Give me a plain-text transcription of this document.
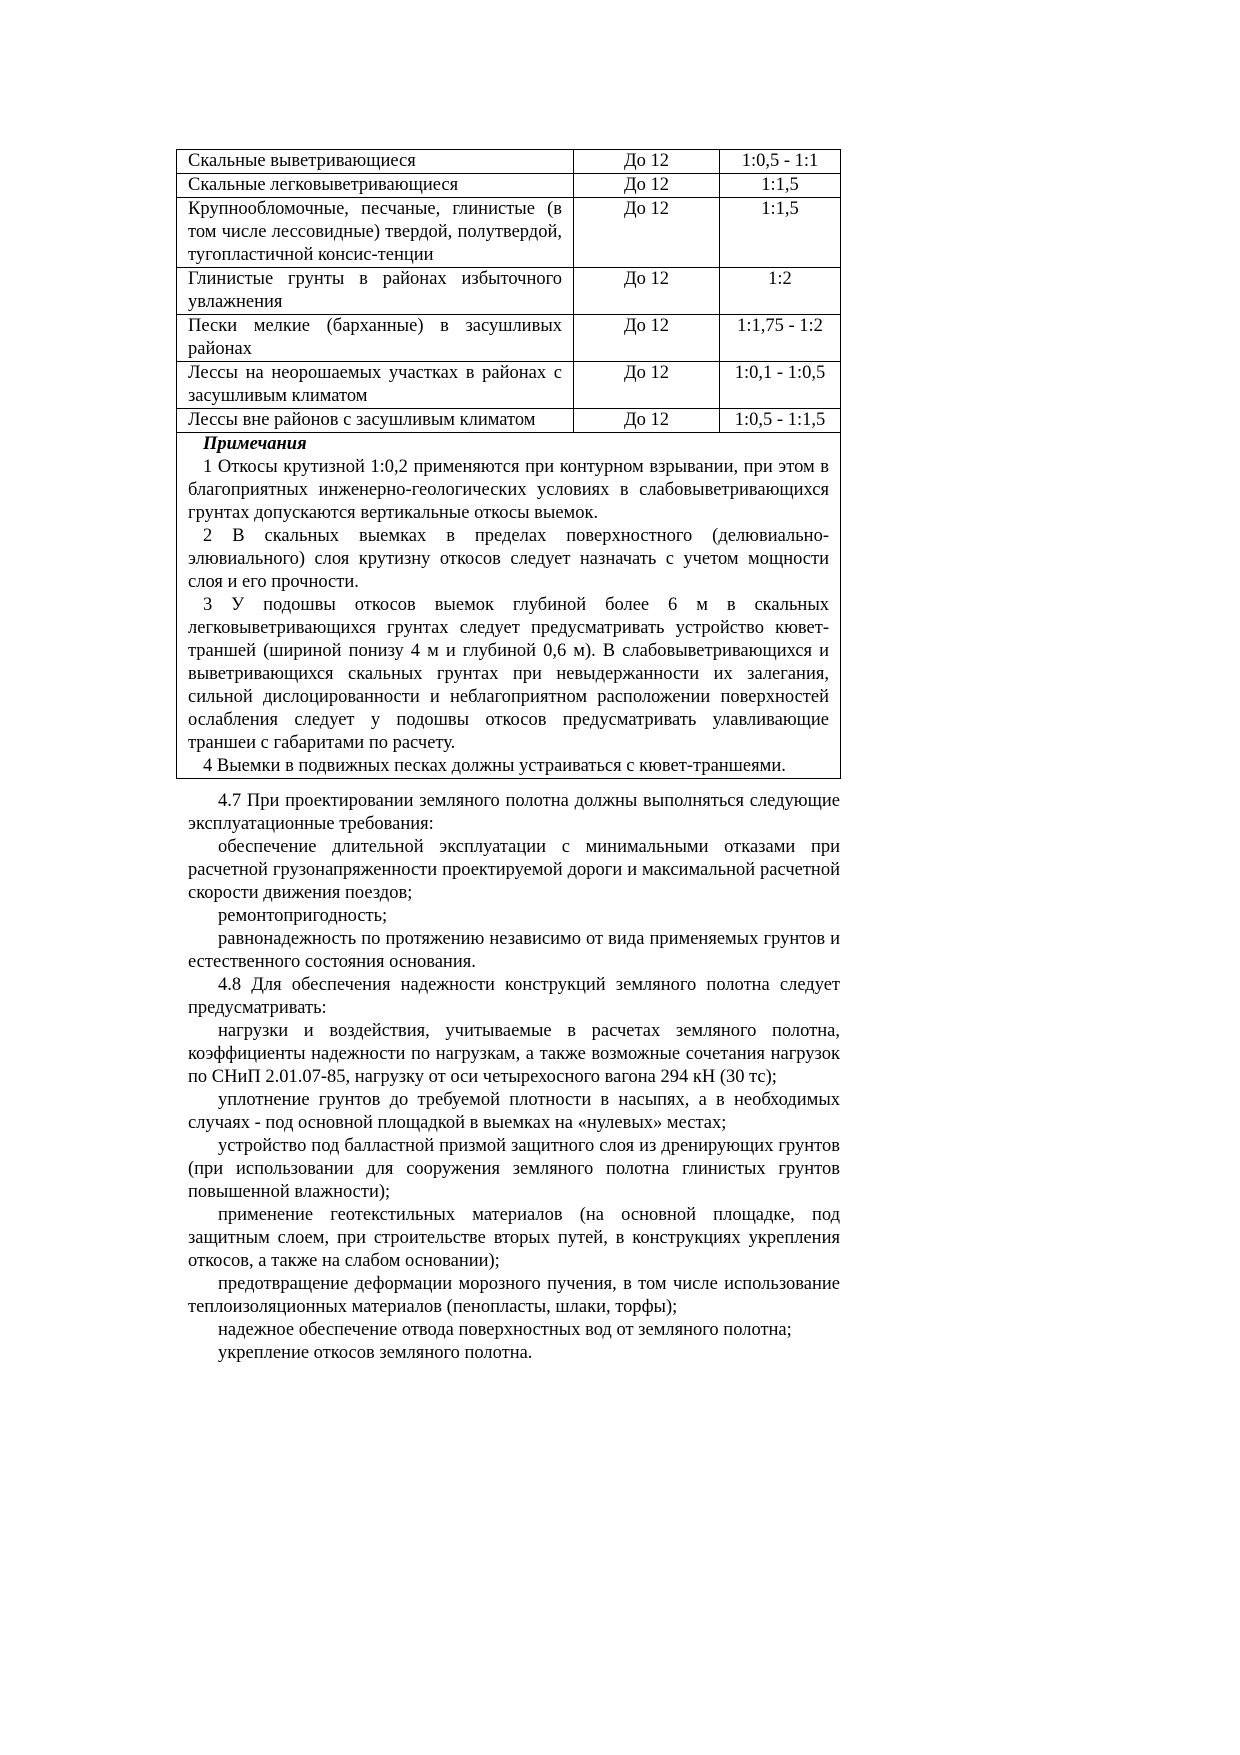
Скальные выветривающиеся	До 12	1:0,5 - 1:1
Скальные легковыветривающиеся	До 12	1:1,5
Крупнообломочные, песчаные, глинистые (в том числе лессовидные) твердой, полутвердой, тугопластичной консис-тенции	До 12	1:1,5
Глинистые грунты в районах избыточного увлажнения	До 12	1:2
Пески мелкие (барханные) в засушливых районах	До 12	1:1,75 - 1:2
Лессы на неорошаемых участках в районах с засушливым климатом	До 12	1:0,1 - 1:0,5
Лессы вне районов с засушливым климатом	До 12	1:0,5 - 1:1,5

Примечания
1 Откосы крутизной 1:0,2 применяются при контурном взрывании, при этом в благоприятных инженерно-геологических условиях в слабовыветривающихся грунтах допускаются вертикальные откосы выемок.
2 В скальных выемках в пределах поверхностного (делювиально-элювиального) слоя крутизну откосов следует назначать с учетом мощности слоя и его прочности.
3 У подошвы откосов выемок глубиной более 6 м в скальных легковыветривающихся грунтах следует предусматривать устройство кювет-траншей (шириной понизу 4 м и глубиной 0,6 м). В слабовыветривающихся и выветривающихся скальных грунтах при невыдержанности их залегания, сильной дислоцированности и неблагоприятном расположении поверхностей ослабления следует у подошвы откосов предусматривать улавливающие траншеи с габаритами по расчету.
4 Выемки в подвижных песках должны устраиваться с кювет-траншеями.		

4.7 При проектировании земляного полотна должны выполняться следующие эксплуатационные требования:

обеспечение длительной эксплуатации с минимальными отказами при расчетной грузонапряженности проектируемой дороги и максимальной расчетной скорости движения поездов;

ремонтопригодность;

равнонадежность по протяжению независимо от вида применяемых грунтов и естественного состояния основания.

4.8 Для обеспечения надежности конструкций земляного полотна следует предусматривать:

нагрузки и воздействия, учитываемые в расчетах земляного полотна, коэффициенты надежности по нагрузкам, а также возможные сочетания нагрузок по СНиП 2.01.07-85, нагрузку от оси четырехосного вагона 294 кН (30 тс);

уплотнение грунтов до требуемой плотности в насыпях, а в необходимых случаях - под основной площадкой в выемках на «нулевых» местах;

устройство под балластной призмой защитного слоя из дренирующих грунтов (при использовании для сооружения земляного полотна глинистых грунтов повышенной влажности);

применение геотекстильных материалов (на основной площадке, под защитным слоем, при строительстве вторых путей, в конструкциях укрепления откосов, а также на слабом основании);

предотвращение деформации морозного пучения, в том числе использование теплоизоляционных материалов (пенопласты, шлаки, торфы);

надежное обеспечение отвода поверхностных вод от земляного полотна;

укрепление откосов земляного полотна.
